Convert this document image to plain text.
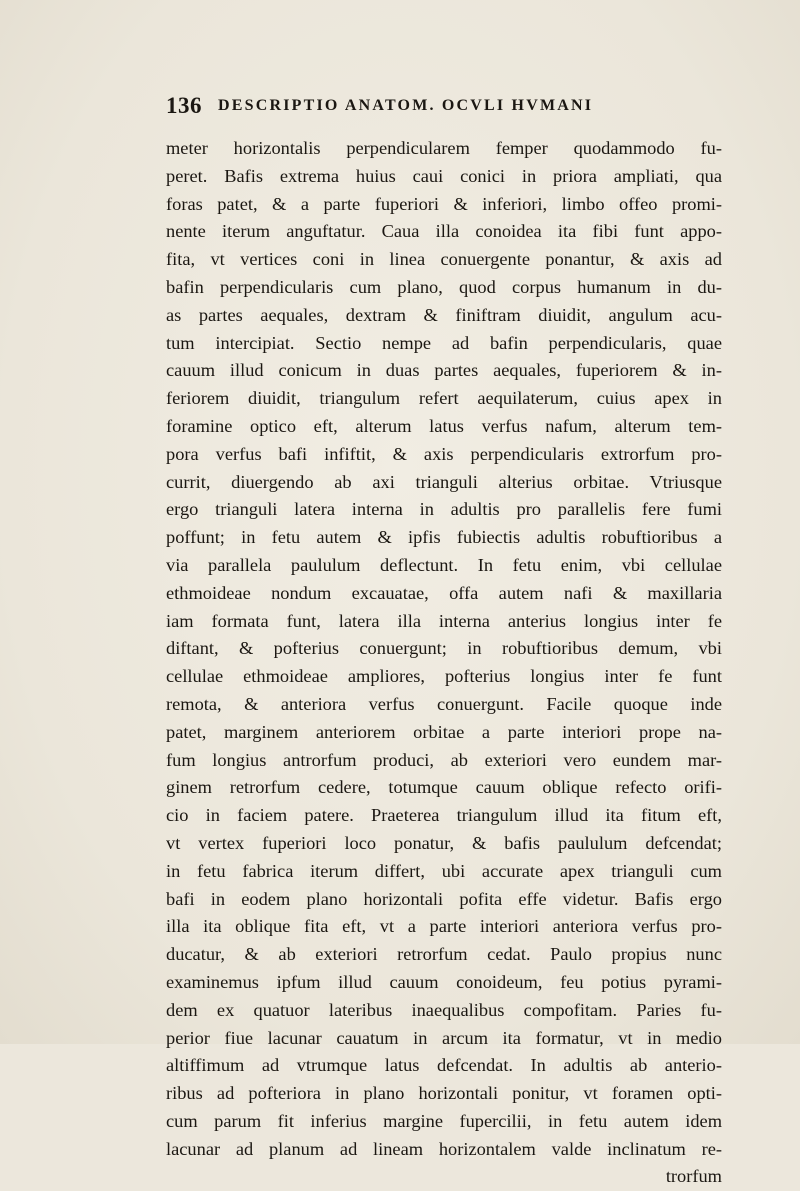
136 DESCRIPTIO ANATOM. OCVLI HVMANI
meter horizontalis perpendicularem femper quodammodo fu-
peret. Bafis extrema huius caui conici in priora ampliati, qua
foras patet, & a parte fuperiori & inferiori, limbo offeo promi-
nente iterum anguftatur. Caua illa conoidea ita fibi funt appo-
fita, vt vertices coni in linea conuergente ponantur, & axis ad
bafin perpendicularis cum plano, quod corpus humanum in du-
as partes aequales, dextram & finiftram diuidit, angulum acu-
tum intercipiat. Sectio nempe ad bafin perpendicularis, quae
cauum illud conicum in duas partes aequales, fuperiorem & in-
feriorem diuidit, triangulum refert aequilaterum, cuius apex in
foramine optico eft, alterum latus verfus nafum, alterum tem-
pora verfus bafi infiftit, & axis perpendicularis extrorfum pro-
currit, diuergendo ab axi trianguli alterius orbitae. Vtriusque
ergo trianguli latera interna in adultis pro parallelis fere fumi
poffunt; in fetu autem & ipfis fubiectis adultis robuftioribus a
via parallela paululum deflectunt. In fetu enim, vbi cellulae
ethmoideae nondum excauatae, offa autem nafi & maxillaria
iam formata funt, latera illa interna anterius longius inter fe
diftant, & pofterius conuergunt; in robuftioribus demum, vbi
cellulae ethmoideae ampliores, pofterius longius inter fe funt
remota, & anteriora verfus conuergunt. Facile quoque inde
patet, marginem anteriorem orbitae a parte interiori prope na-
fum longius antrorfum produci, ab exteriori vero eundem mar-
ginem retrorfum cedere, totumque cauum oblique refecto orifi-
cio in faciem patere. Praeterea triangulum illud ita fitum eft,
vt vertex fuperiori loco ponatur, & bafis paululum defcendat;
in fetu fabrica iterum differt, ubi accurate apex trianguli cum
bafi in eodem plano horizontali pofita effe videtur. Bafis ergo
illa ita oblique fita eft, vt a parte interiori anteriora verfus pro-
ducatur, & ab exteriori retrorfum cedat. Paulo propius nunc
examinemus ipfum illud cauum conoideum, feu potius pyrami-
dem ex quatuor lateribus inaequalibus compofitam. Paries fu-
perior fiue lacunar cauatum in arcum ita formatur, vt in medio
altiffimum ad vtrumque latus defcendat. In adultis ab anterio-
ribus ad pofteriora in plano horizontali ponitur, vt foramen opti-
cum parum fit inferius margine fupercilii, in fetu autem idem
lacunar ad planum ad lineam horizontalem valde inclinatum re-
trorfum
